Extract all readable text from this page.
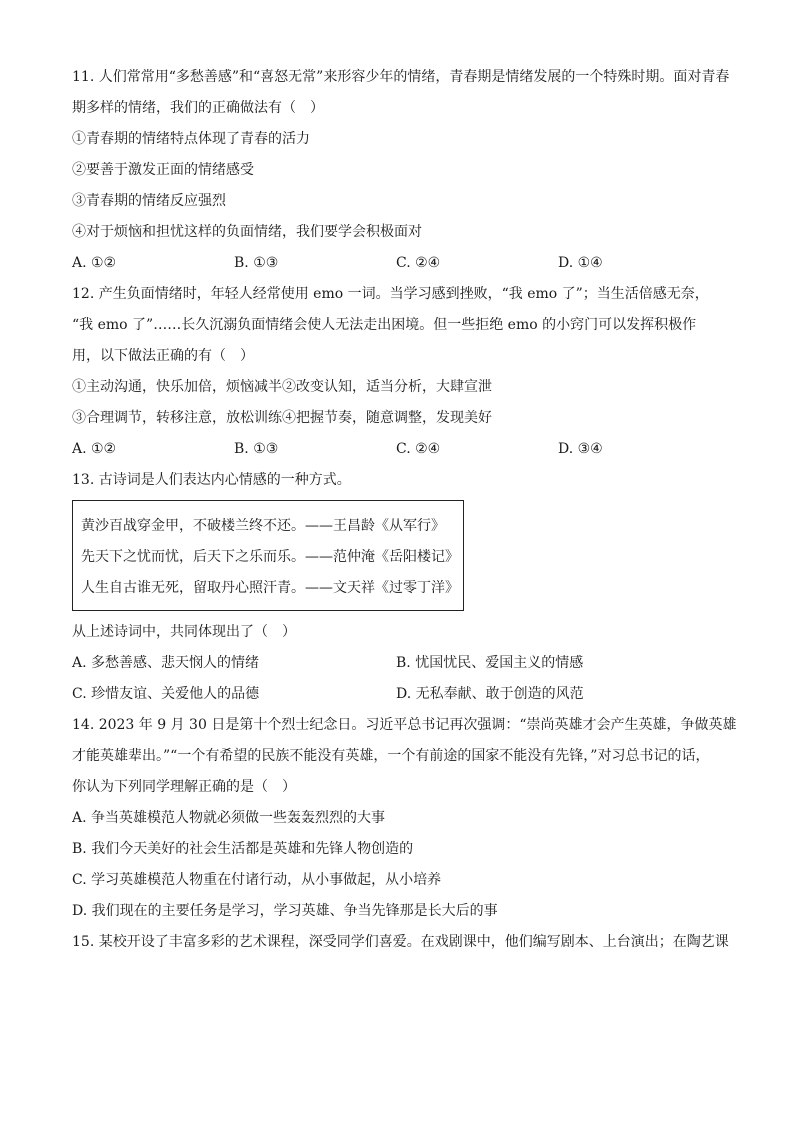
11. 人们常常用“多愁善感”和“喜怒无常”来形容少年的情绪，青春期是情绪发展的一个特殊时期。面对青春
期多样的情绪，我们的正确做法有（　）
①青春期的情绪特点体现了青春的活力
②要善于激发正面的情绪感受
③青春期的情绪反应强烈
④对于烦恼和担忧这样的负面情绪，我们要学会积极面对
A. ①②	B. ①③	C. ②④	D. ①④
12. 产生负面情绪时，年轻人经常使用 emo 一词。当学习感到挫败，“我 emo 了”；当生活倍感无奈，
“我 emo 了”……长久沉溺负面情绪会使人无法走出困境。但一些拒绝 emo 的小窍门可以发挥积极作
用，以下做法正确的有（　）
①主动沟通，快乐加倍，烦恼减半②改变认知，适当分析，大肆宣泄
③合理调节，转移注意，放松训练④把握节奏，随意调整，发现美好
A. ①②	B. ①③	C. ②④	D. ③④
13. 古诗词是人们表达内心情感的一种方式。
黄沙百战穿金甲，不破楼兰终不还。——王昌龄《从军行》
先天下之忧而忧，后天下之乐而乐。——范仲淹《岳阳楼记》
人生自古谁无死，留取丹心照汗青。——文天祥《过零丁洋》
从上述诗词中，共同体现出了（　）
A. 多愁善感、悲天悯人的情绪	B. 忧国忧民、爱国主义的情感
C. 珍惜友谊、关爱他人的品德	D. 无私奉献、敢于创造的风范
14. 2023 年 9 月 30 日是第十个烈士纪念日。习近平总书记再次强调：“崇尚英雄才会产生英雄，争做英雄
才能英雄辈出。”“一个有希望的民族不能没有英雄，一个有前途的国家不能没有先锋，”对习总书记的话，
你认为下列同学理解正确的是（　）
A. 争当英雄模范人物就必须做一些轰轰烈烈的大事
B. 我们今天美好的社会生活都是英雄和先锋人物创造的
C. 学习英雄模范人物重在付诸行动，从小事做起，从小培养
D. 我们现在的主要任务是学习，学习英雄、争当先锋那是长大后的事
15. 某校开设了丰富多彩的艺术课程，深受同学们喜爱。在戏剧课中，他们编写剧本、上台演出；在陶艺课
